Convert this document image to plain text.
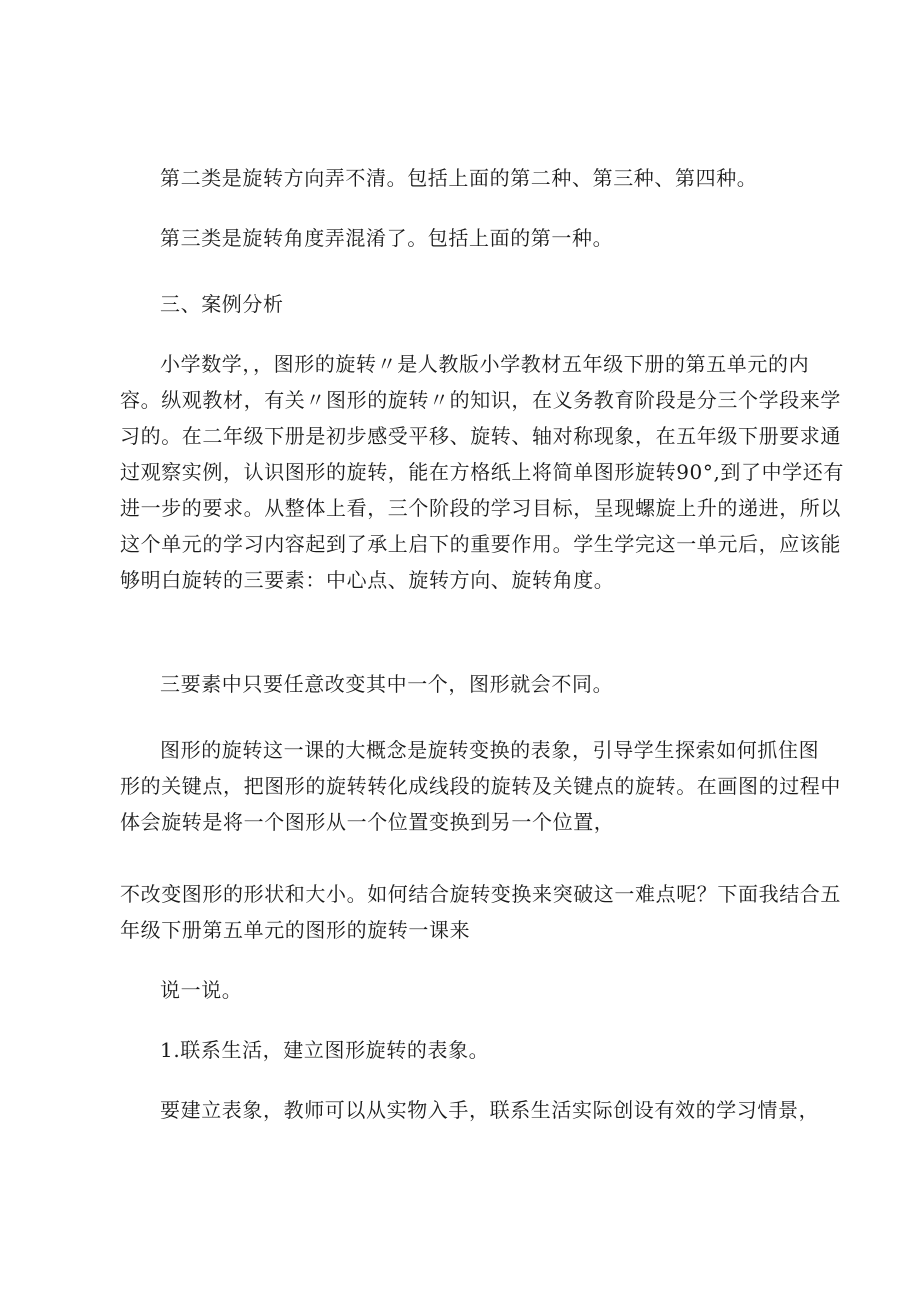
第二类是旋转方向弄不清。包括上面的第二种、第三种、第四种。

第三类是旋转角度弄混淆了。包括上面的第一种。

三、案例分析

小学数学，，图形的旋转〃是人教版小学教材五年级下册的第五单元的内
容。纵观教材，有关〃图形的旋转〃的知识，在义务教育阶段是分三个学段来学
习的。在二年级下册是初步感受平移、旋转、轴对称现象，在五年级下册要求通
过观察实例，认识图形的旋转，能在方格纸上将简单图形旋转90°,到了中学还有
进一步的要求。从整体上看，三个阶段的学习目标，呈现螺旋上升的递进，所以
这个单元的学习内容起到了承上启下的重要作用。学生学完这一单元后，应该能
够明白旋转的三要素：中心点、旋转方向、旋转角度。

三要素中只要任意改变其中一个，图形就会不同。

图形的旋转这一课的大概念是旋转变换的表象，引导学生探索如何抓住图
形的关键点，把图形的旋转转化成线段的旋转及关键点的旋转。在画图的过程中
体会旋转是将一个图形从一个位置变换到另一个位置，
不改变图形的形状和大小。如何结合旋转变换来突破这一难点呢？下面我结合五
年级下册第五单元的图形的旋转一课来

说一说。

1.联系生活，建立图形旋转的表象。

要建立表象，教师可以从实物入手，联系生活实际创设有效的学习情景，
